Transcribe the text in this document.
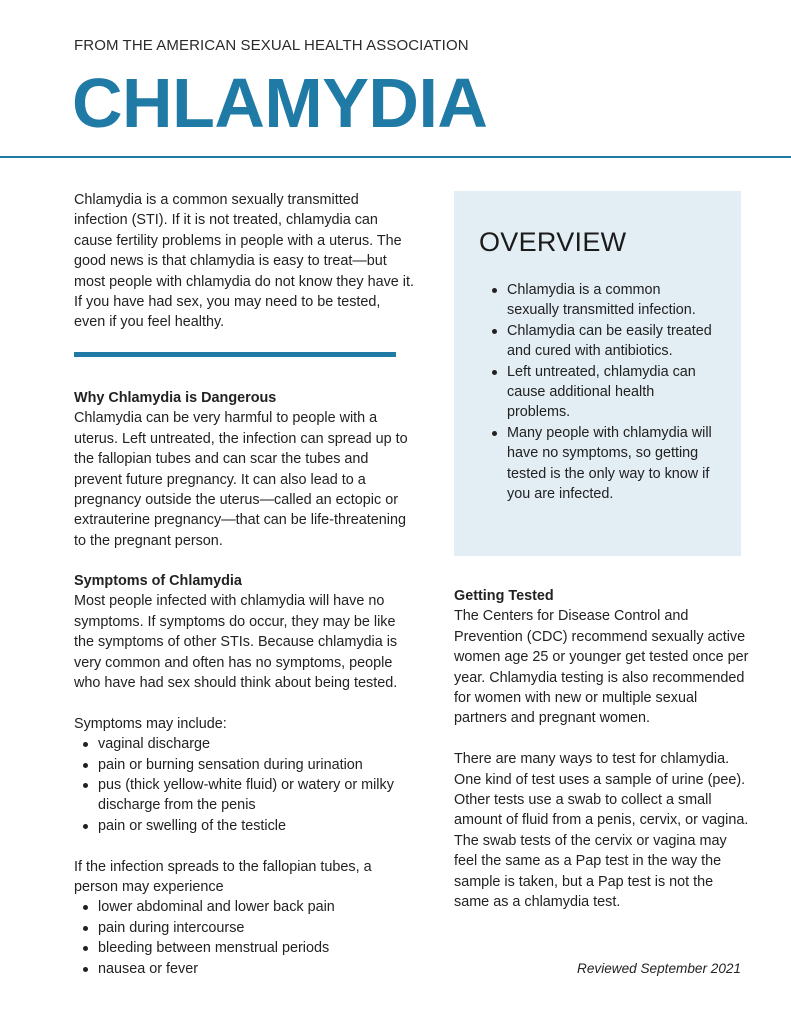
FROM THE AMERICAN SEXUAL HEALTH ASSOCIATION
CHLAMYDIA

Chlamydia is a common sexually transmitted infection (STI). If it is not treated, chlamydia can cause fertility problems in people with a uterus. The good news is that chlamydia is easy to treat—but most people with chlamydia do not know they have it. If you have had sex, you may need to be tested, even if you feel healthy.

Why Chlamydia is Dangerous

Chlamydia can be very harmful to people with a uterus. Left untreated, the infection can spread up to the fallopian tubes and can scar the tubes and prevent future pregnancy. It can also lead to a pregnancy outside the uterus—called an ectopic or extrauterine pregnancy—that can be life-threatening to the pregnant person.

Symptoms of Chlamydia

Most people infected with chlamydia will have no symptoms. If symptoms do occur, they may be like the symptoms of other STIs. Because chlamydia is very common and often has no symptoms, people who have had sex should think about being tested.

Symptoms may include:

vaginal discharge
pain or burning sensation during urination
pus (thick yellow-white fluid) or watery or milky discharge from the penis
pain or swelling of the testicle

If the infection spreads to the fallopian tubes, a person may experience

lower abdominal and lower back pain
pain during intercourse
bleeding between menstrual periods
nausea or fever
OVERVIEW
Chlamydia is a common sexually transmitted infection.
Chlamydia can be easily treated and cured with antibiotics.
Left untreated, chlamydia can cause additional health problems.
Many people with chlamydia will have no symptoms, so getting tested is the only way to know if you are infected.
Getting Tested

The Centers for Disease Control and Prevention (CDC) recommend sexually active women age 25 or younger get tested once per year. Chlamydia testing is also recommended for women with new or multiple sexual partners and pregnant women.

There are many ways to test for chlamydia. One kind of test uses a sample of urine (pee). Other tests use a swab to collect a small amount of fluid from a penis, cervix, or vagina. The swab tests of the cervix or vagina may feel the same as a Pap test in the way the sample is taken, but a Pap test is not the same as a chlamydia test.

Reviewed September 2021
